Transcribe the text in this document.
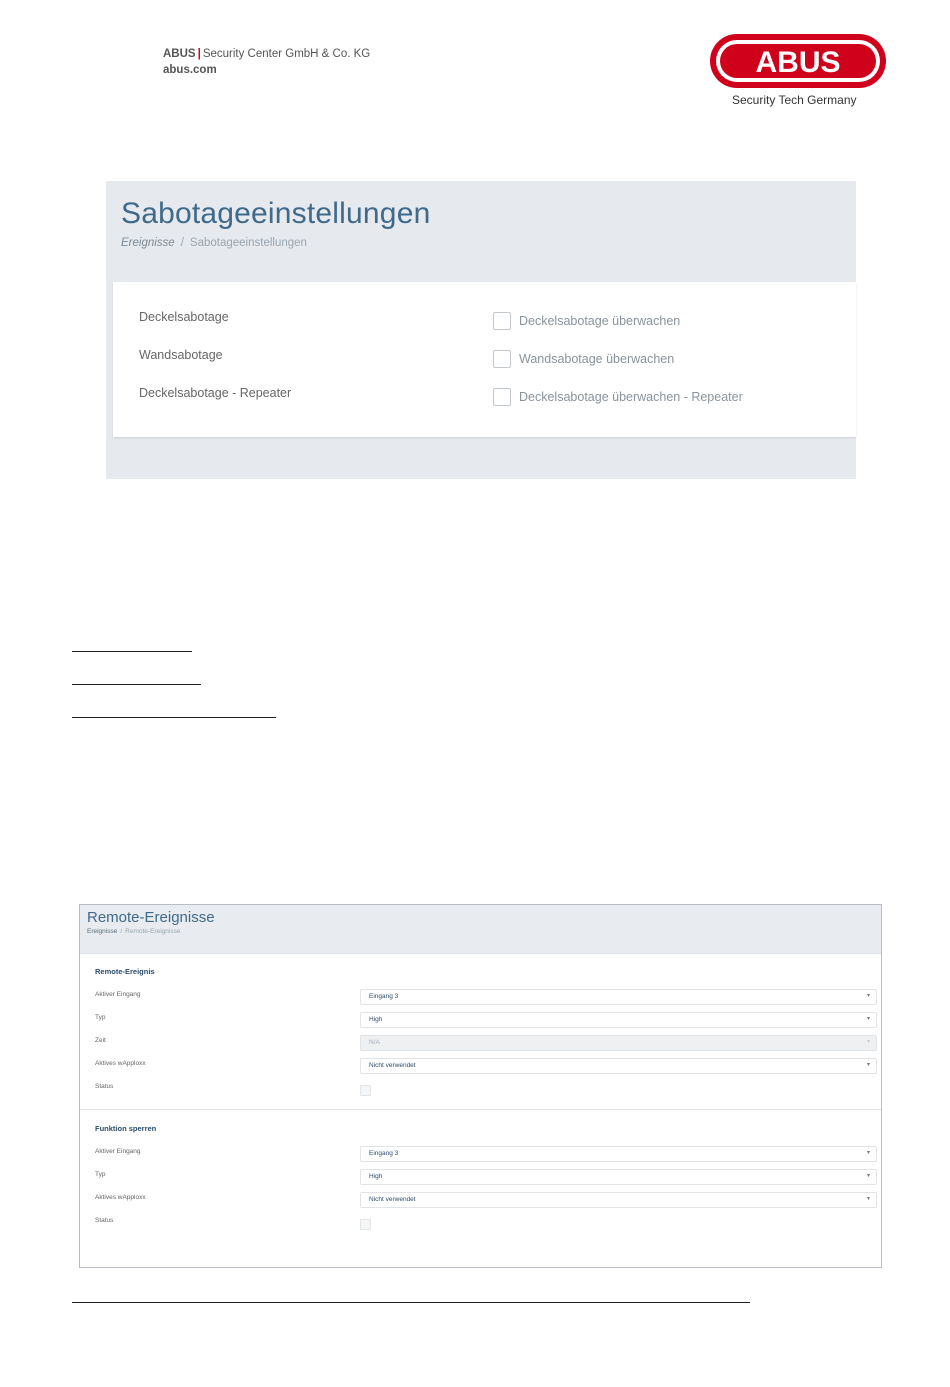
ABUS | Security Center GmbH & Co. KG
abus.com	ABUS
Security Tech Germany
Sabotageeinstellungen
Ereignisse / Sabotageeinstellungen
Deckelsabotage	Deckelsabotage überwachen
Wandsabotage	Wandsabotage überwachen
Deckelsabotage - Repeater	Deckelsabotage überwachen - Repeater
Remote-Ereignisse
Ereignisse / Remote-Ereignisse
Remote-Ereignis
Aktiver Eingang	Eingang 3	▾
Typ	High	▾
Zeit	N/A	▾
Aktives wApploxx	Nicht verwendet	▾
Status
Funktion sperren
Aktiver Eingang	Eingang 3	▾
Typ	High	▾
Aktives wApploxx	Nicht verwendet	▾
Status
